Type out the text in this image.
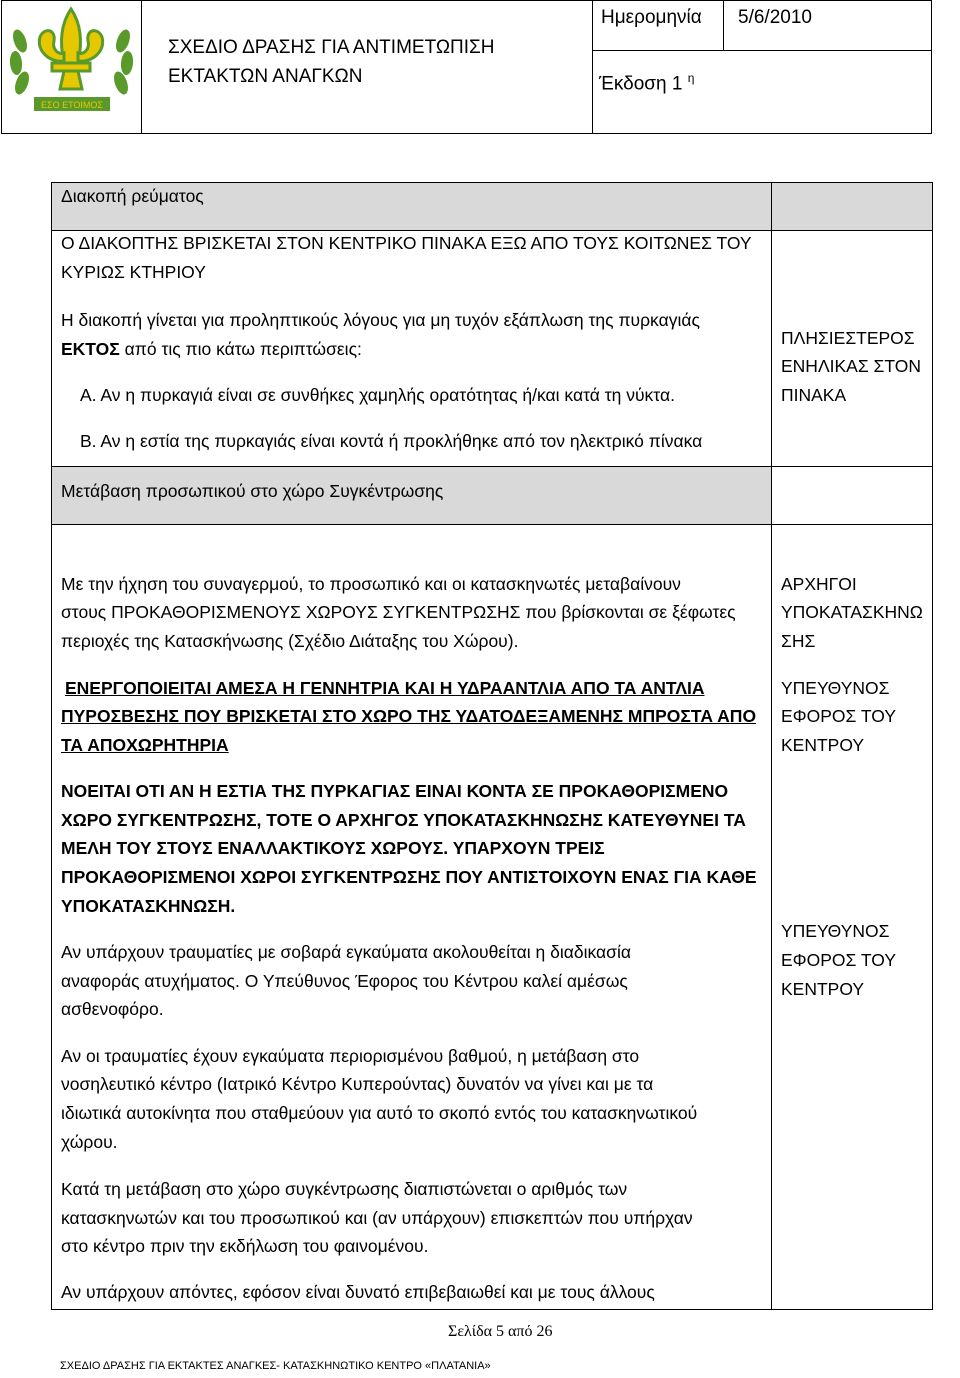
ΕΣΟ ΕΤΟΙΜΟΣ
ΣΧΕΔΙΟ ΔΡΑΣΗΣ ΓΙΑ ΑΝΤΙΜΕΤΩΠΙΣΗ ΕΚΤΑΚΤΩΝ ΑΝΑΓΚΩΝ
Ημερομηνία 5/6/2010
Έκδοση 1 $^\eta$
Διακοπή ρεύματος
Ο ΔΙΑΚΟΠΤΗΣ ΒΡΙΣΚΕΤΑΙ ΣΤΟΝ ΚΕΝΤΡΙΚΟ ΠΙΝΑΚΑ ΕΞΩ ΑΠΟ ΤΟΥΣ ΚΟΙΤΩΝΕΣ ΤΟΥ
ΚΥΡΙΩΣ ΚΤΗΡΙΟΥ
Η διακοπή γίνεται για προληπτικούς λόγους για μη τυχόν εξάπλωση της πυρκαγιάς
ΕΚΤΟΣ από τις πιο κάτω περιπτώσεις:
Α. Αν η πυρκαγιά είναι σε συνθήκες χαμηλής ορατότητας ή/και κατά τη νύκτα.
Β. Αν η εστία της πυρκαγιάς είναι κοντά ή προκλήθηκε από τον ηλεκτρικό πίνακα
ΠΛΗΣΙΕΣΤΕΡΟΣ
ΕΝΗΛΙΚΑΣ ΣΤΟΝ
ΠΙΝΑΚΑ
Μετάβαση προσωπικού στο χώρο Συγκέντρωσης
Με την ήχηση του συναγερμού, το προσωπικό και οι κατασκηνωτές μεταβαίνουν
στους ΠΡΟΚΑΘΟΡΙΣΜΕΝΟΥΣ ΧΩΡΟΥΣ ΣΥΓΚΕΝΤΡΩΣΗΣ που βρίσκονται σε ξέφωτες
περιοχές της Κατασκήνωσης (Σχέδιο Διάταξης του Χώρου).
ΑΡΧΗΓΟΙ
ΥΠΟΚΑΤΑΣΚΗΝΩ
ΣΗΣ
ΕΝΕΡΓΟΠΟΙΕΙΤΑΙ ΑΜΕΣΑ Η ΓΕΝΝΗΤΡΙΑ ΚΑΙ Η ΥΔΡΑΑΝΤΛΙΑ ΑΠΟ ΤΑ ΑΝΤΛΙΑ
ΠΥΡΟΣΒΕΣΗΣ ΠΟΥ ΒΡΙΣΚΕΤΑΙ ΣΤΟ ΧΩΡΟ ΤΗΣ ΥΔΑΤΟΔΕΞΑΜΕΝΗΣ ΜΠΡΟΣΤΑ ΑΠΟ
ΤΑ ΑΠΟΧΩΡΗΤΗΡΙΑ
ΥΠΕΥΘΥΝΟΣ
ΕΦΟΡΟΣ ΤΟΥ
ΚΕΝΤΡΟΥ
ΝΟΕΙΤΑΙ ΟΤΙ ΑΝ Η ΕΣΤΙΑ ΤΗΣ ΠΥΡΚΑΓΙΑΣ ΕΙΝΑΙ ΚΟΝΤΑ ΣΕ ΠΡΟΚΑΘΟΡΙΣΜΕΝΟ
ΧΩΡΟ ΣΥΓΚΕΝΤΡΩΣΗΣ, ΤΟΤΕ Ο ΑΡΧΗΓΟΣ ΥΠΟΚΑΤΑΣΚΗΝΩΣΗΣ ΚΑΤΕΥΘΥΝΕΙ ΤΑ
ΜΕΛΗ ΤΟΥ ΣΤΟΥΣ ΕΝΑΛΛΑΚΤΙΚΟΥΣ ΧΩΡΟΥΣ. ΥΠΑΡΧΟΥΝ ΤΡΕΙΣ
ΠΡΟΚΑΘΟΡΙΣΜΕΝΟΙ ΧΩΡΟΙ ΣΥΓΚΕΝΤΡΩΣΗΣ ΠΟΥ ΑΝΤΙΣΤΟΙΧΟΥΝ ΕΝΑΣ ΓΙΑ ΚΑΘΕ
ΥΠΟΚΑΤΑΣΚΗΝΩΣΗ.
Αν υπάρχουν τραυματίες με σοβαρά εγκαύματα ακολουθείται η διαδικασία
αναφοράς ατυχήματος. Ο Υπεύθυνος Έφορος του Κέντρου καλεί αμέσως
ασθενοφόρο.
ΥΠΕΥΘΥΝΟΣ
ΕΦΟΡΟΣ ΤΟΥ
ΚΕΝΤΡΟΥ
Αν οι τραυματίες έχουν εγκαύματα περιορισμένου βαθμού, η μετάβαση στο
νοσηλευτικό κέντρο (Ιατρικό Κέντρο Κυπερούντας) δυνατόν να γίνει και με τα
ιδιωτικά αυτοκίνητα που σταθμεύουν για αυτό το σκοπό εντός του κατασκηνωτικού
χώρου.
Κατά τη μετάβαση στο χώρο συγκέντρωσης διαπιστώνεται ο αριθμός των
κατασκηνωτών και του προσωπικού και (αν υπάρχουν) επισκεπτών που υπήρχαν
στο κέντρο πριν την εκδήλωση του φαινομένου.
Αν υπάρχουν απόντες, εφόσον είναι δυνατό επιβεβαιωθεί και με τους άλλους
Σελίδα 5 από 26
ΣΧΕΔΙΟ ΔΡΑΣΗΣ ΓΙΑ ΕΚΤΑΚΤΕΣ ΑΝΑΓΚΕΣ- ΚΑΤΑΣΚΗΝΩΤΙΚΟ ΚΕΝΤΡΟ «ΠΛΑΤΑΝΙΑ»
